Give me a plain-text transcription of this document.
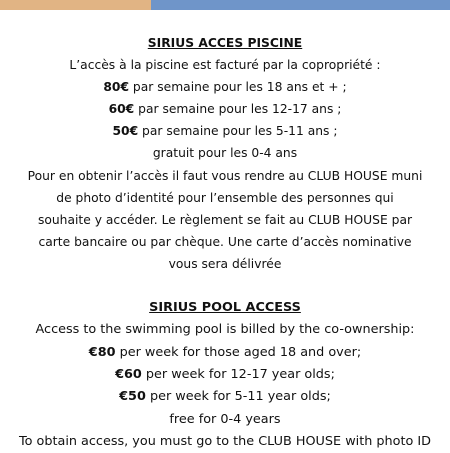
SIRIUS ACCES PISCINE
L’accès à la piscine est facturé par la copropriété :
80€ par semaine pour les 18 ans et + ;
60€ par semaine pour les 12-17 ans ;
50€ par semaine pour les 5-11 ans ;
gratuit pour les 0-4 ans
Pour en obtenir l’accès il faut vous rendre au CLUB HOUSE muni
de photo d’identité pour l’ensemble des personnes qui
souhaite y accéder. Le règlement se fait au CLUB HOUSE par
carte bancaire ou par chèque. Une carte d’accès nominative
vous sera délivrée
SIRIUS POOL ACCESS
Access to the swimming pool is billed by the co-ownership:
€80 per week for those aged 18 and over;
€60 per week for 12-17 year olds;
€50 per week for 5-11 year olds;
free for 0-4 years
To obtain access, you must go to the CLUB HOUSE with photo ID
